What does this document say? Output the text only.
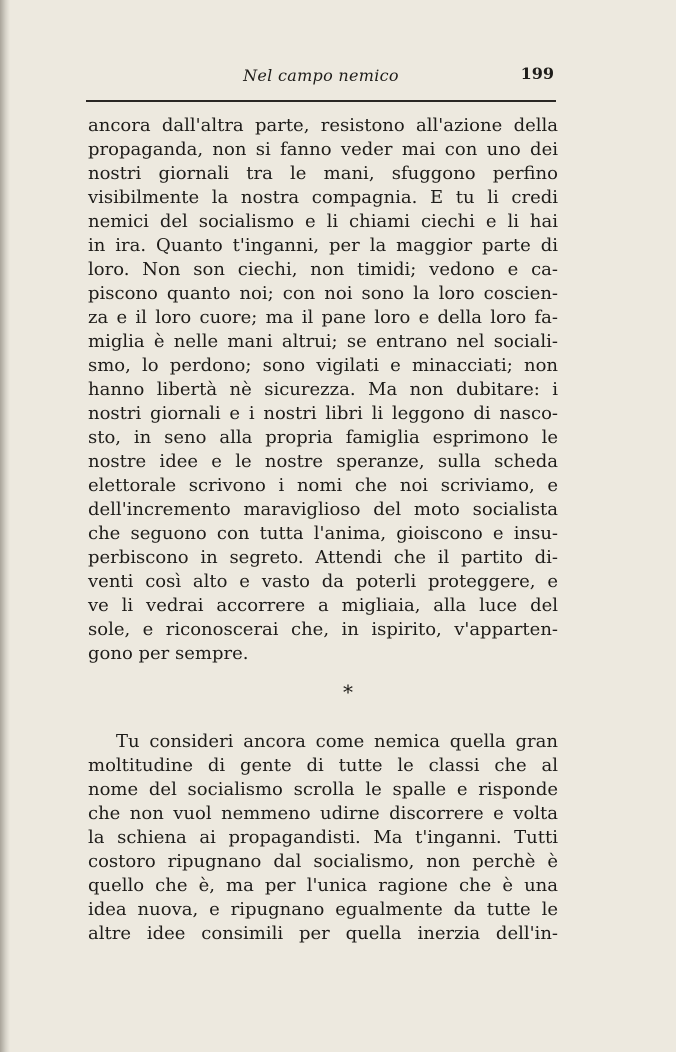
Nel campo nemico	199
ancora dall'altra parte, resistono all'azione della
propaganda, non si fanno veder mai con uno dei
nostri giornali tra le mani, sfuggono perfino
visibilmente la nostra compagnia. E tu li credi
nemici del socialismo e li chiami ciechi e li hai
in ira. Quanto t'inganni, per la maggior parte di
loro. Non son ciechi, non timidi; vedono e ca-
piscono quanto noi; con noi sono la loro coscien-
za e il loro cuore; ma il pane loro e della loro fa-
miglia è nelle mani altrui; se entrano nel sociali-
smo, lo perdono; sono vigilati e minacciati; non
hanno libertà nè sicurezza. Ma non dubitare: i
nostri giornali e i nostri libri li leggono di nasco-
sto, in seno alla propria famiglia esprimono le
nostre idee e le nostre speranze, sulla scheda
elettorale scrivono i nomi che noi scriviamo, e
dell'incremento maraviglioso del moto socialista
che seguono con tutta l'anima, gioiscono e insu-
perbiscono in segreto. Attendi che il partito di-
venti così alto e vasto da poterli proteggere, e
ve li vedrai accorrere a migliaia, alla luce del
sole, e riconoscerai che, in ispirito, v'apparten-
gono per sempre.
*
Tu consideri ancora come nemica quella gran
moltitudine di gente di tutte le classi che al
nome del socialismo scrolla le spalle e risponde
che non vuol nemmeno udirne discorrere e volta
la schiena ai propagandisti. Ma t'inganni. Tutti
costoro ripugnano dal socialismo, non perchè è
quello che è, ma per l'unica ragione che è una
idea nuova, e ripugnano egualmente da tutte le
altre idee consimili per quella inerzia dell'in-
